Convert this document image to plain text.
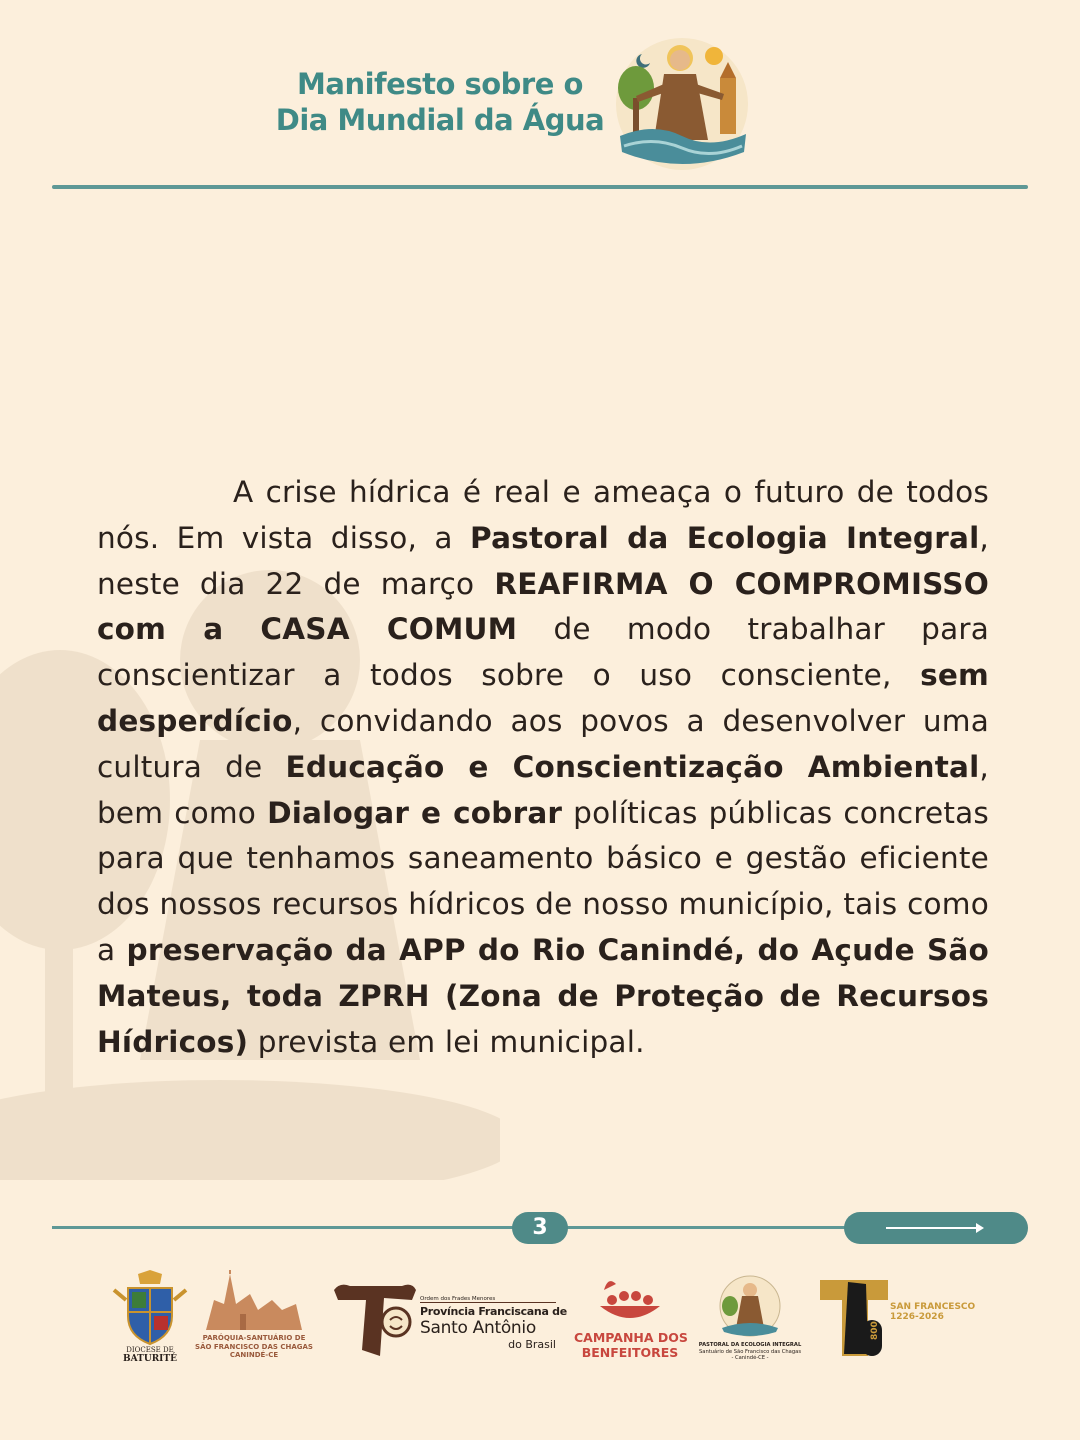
Manifesto sobre o
Dia Mundial da Água
A crise hídrica é real e ameaça o futuro de todos nós. Em vista disso, a Pastoral da Ecologia Integral, neste dia 22 de março REAFIRMA O COMPROMISSO com a CASA COMUM de modo trabalhar para conscientizar a todos sobre o uso consciente, sem desperdício, convidando aos povos a desenvolver uma cultura de Educação e Conscientização Ambiental, bem como Dialogar e cobrar políticas públicas concretas para que tenhamos saneamento básico e gestão eficiente dos nossos recursos hídricos de nosso município, tais como a preservação da APP do Rio Canindé, do Açude São Mateus, toda ZPRH (Zona de Proteção de Recursos Hídricos) prevista em lei municipal.
3
DIOCESE DE
BATURITÉ
PARÓQUIA-SANTUÁRIO DE
SÃO FRANCISCO DAS CHAGAS
CANINDÉ-CE
Ordem dos Frades Menores
Província Franciscana de
Santo Antônio
do Brasil CAMPANHA DOS
BENFEITORES	PASTORAL DA ECOLOGIA INTEGRAL
Santuário de São Francisco das Chagas
- Canindé-CE -
800
SAN FRANCESCO
1226-2026
